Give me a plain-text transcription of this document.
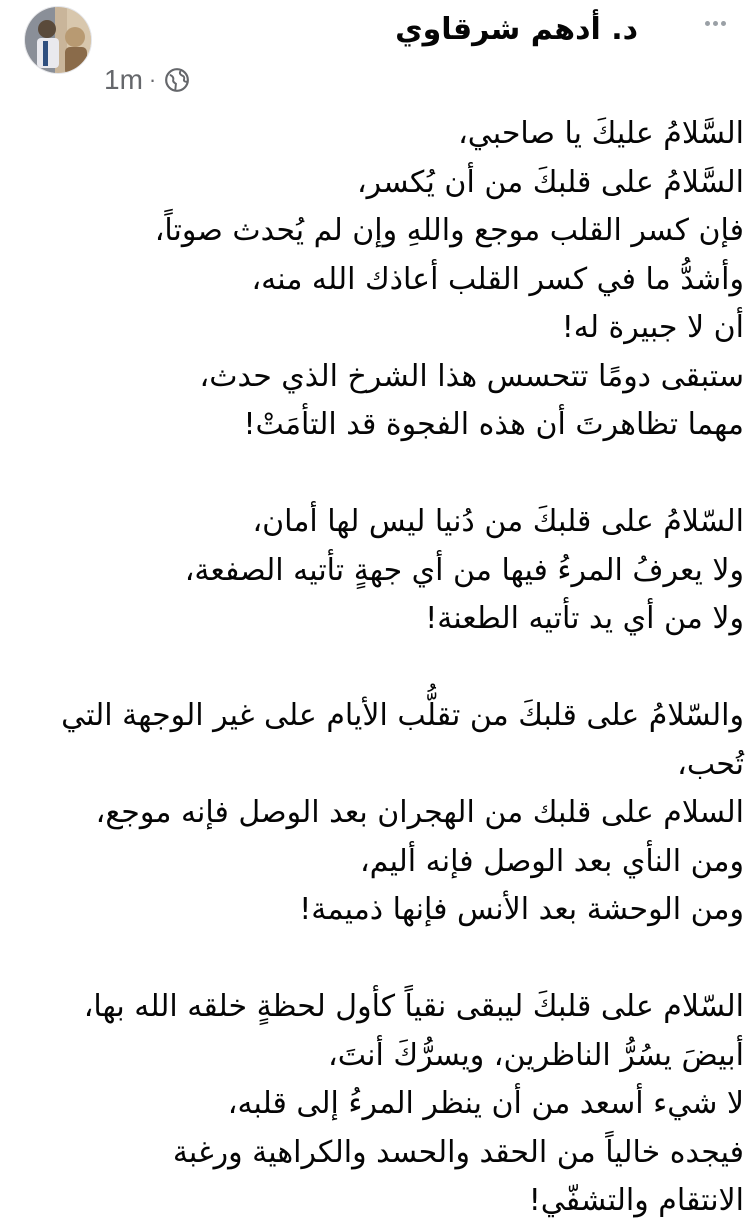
د. أدهم شرقاوي
1m ·
السَّلامُ عليكَ يا صاحبي،
السَّلامُ على قلبكَ من أن يُكسر،
فإن كسر القلب موجع واللهِ وإن لم يُحدث صوتاً،
وأشدُّ ما في كسر القلب أعاذك الله منه،
أن لا جبيرة له!
ستبقى دومًا تتحسس هذا الشرخ الذي حدث،
مهما تظاهرتَ أن هذه الفجوة قد التأمَتْ!
السّلامُ على قلبكَ من دُنيا ليس لها أمان،
ولا يعرفُ المرءُ فيها من أي جهةٍ تأتيه الصفعة،
ولا من أي يد تأتيه الطعنة!
والسّلامُ على قلبكَ من تقلُّب الأيام على غير الوجهة التي
تُحب،
السلام على قلبك من الهجران بعد الوصل فإنه موجع،
ومن النأي بعد الوصل فإنه أليم،
ومن الوحشة بعد الأنس فإنها ذميمة!
السّلام على قلبكَ ليبقى نقياً كأول لحظةٍ خلقه الله بها،
أبيضَ يسُرُّ الناظرين، ويسرُّكَ أنتَ،
لا شيء أسعد من أن ينظر المرءُ إلى قلبه،
فيجده خالياً من الحقد والحسد والكراهية ورغبة
الانتقام والتشفّي!
